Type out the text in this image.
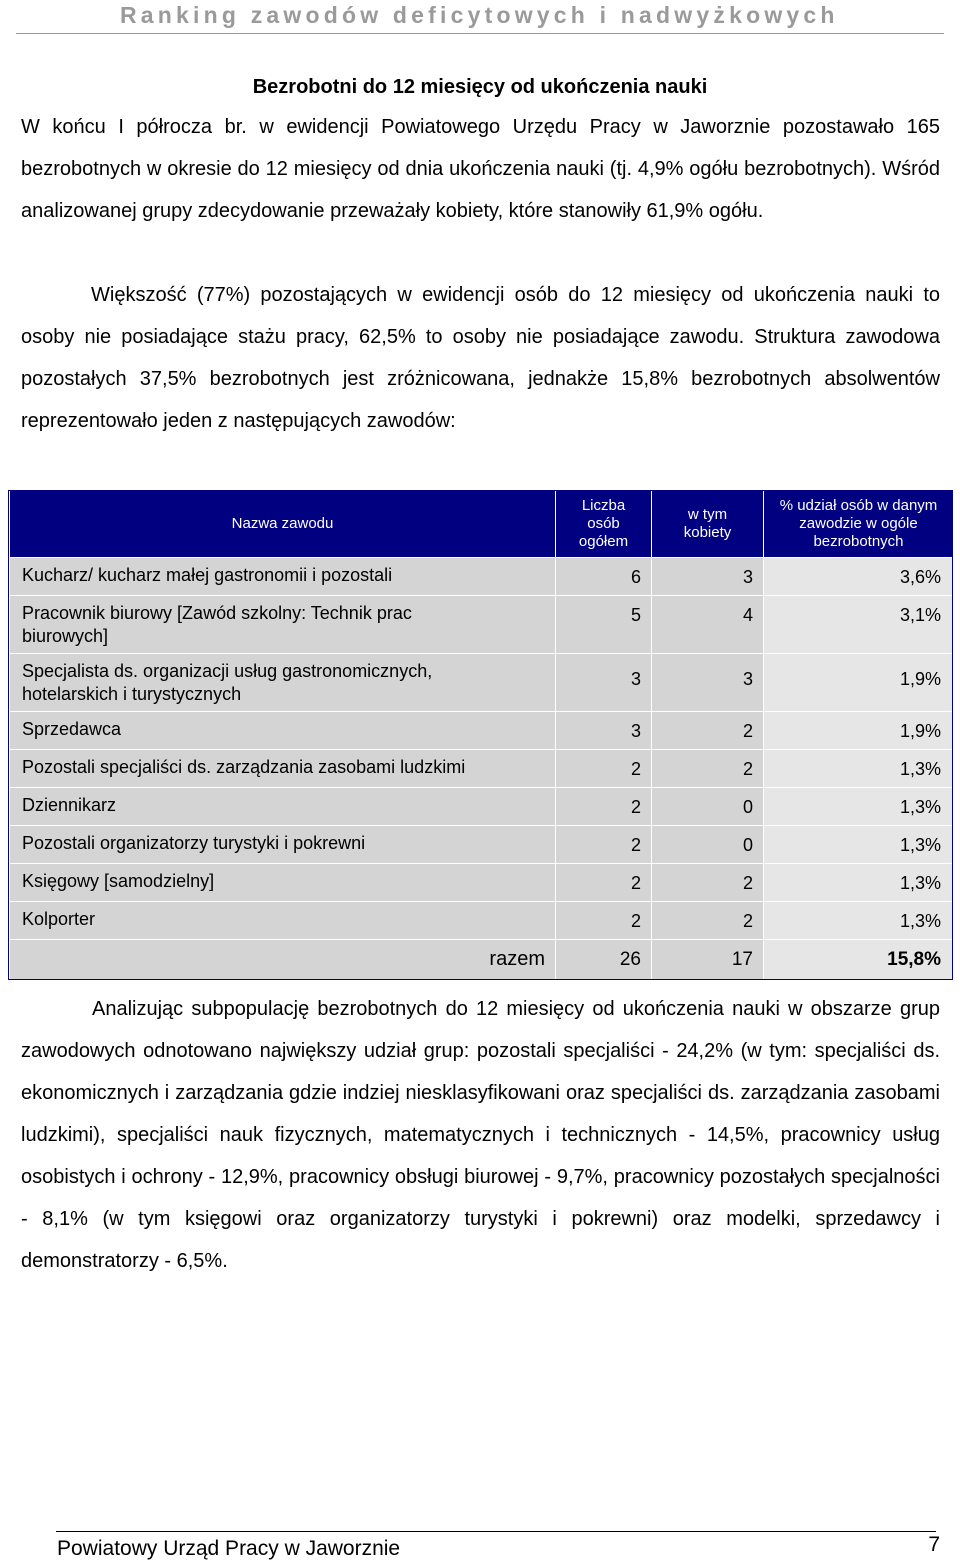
Ranking zawodów deficytowych i nadwyżkowych
Bezrobotni do 12 miesięcy od ukończenia nauki

W końcu I półrocza br. w ewidencji Powiatowego Urzędu Pracy w Jaworznie pozostawało 165 bezrobotnych w okresie do 12 miesięcy od dnia ukończenia nauki (tj. 4,9% ogółu bezrobotnych). Wśród analizowanej grupy zdecydowanie przeważały kobiety, które stanowiły 61,9% ogółu.

Większość (77%) pozostających w ewidencji osób do 12 miesięcy od ukończenia nauki to osoby nie posiadające stażu pracy, 62,5% to osoby nie posiadające zawodu. Struktura zawodowa pozostałych 37,5% bezrobotnych jest zróżnicowana, jednakże 15,8% bezrobotnych absolwentów reprezentowało jeden z następujących zawodów:

Nazwa zawodu	Liczba osób ogółem	w tym kobiety	% udział osób w danym zawodzie w ogóle bezrobotnych
Kucharz/ kucharz małej gastronomii i pozostali	6	3	3,6%
Pracownik biurowy [Zawód szkolny: Technik prac biurowych]	5	4	3,1%
Specjalista ds. organizacji usług gastronomicznych, hotelarskich i turystycznych	3	3	1,9%
Sprzedawca	3	2	1,9%
Pozostali specjaliści ds. zarządzania zasobami ludzkimi	2	2	1,3%
Dziennikarz	2	0	1,3%
Pozostali organizatorzy turystyki i pokrewni	2	0	1,3%
Księgowy [samodzielny]	2	2	1,3%
Kolporter	2	2	1,3%
razem	26	17	15,8%

Analizując subpopulację bezrobotnych do 12 miesięcy od ukończenia nauki w obszarze grup zawodowych odnotowano największy udział grup: pozostali specjaliści - 24,2% (w tym: specjaliści ds. ekonomicznych i zarządzania gdzie indziej niesklasyfikowani oraz specjaliści ds. zarządzania zasobami ludzkimi), specjaliści nauk fizycznych, matematycznych i technicznych - 14,5%, pracownicy usług osobistych i ochrony - 12,9%, pracownicy obsługi biurowej - 9,7%, pracownicy pozostałych specjalności - 8,1% (w tym księgowi oraz organizatorzy turystyki i pokrewni) oraz modelki, sprzedawcy i demonstratorzy - 6,5%.

Powiatowy Urząd Pracy w Jaworznie	7
